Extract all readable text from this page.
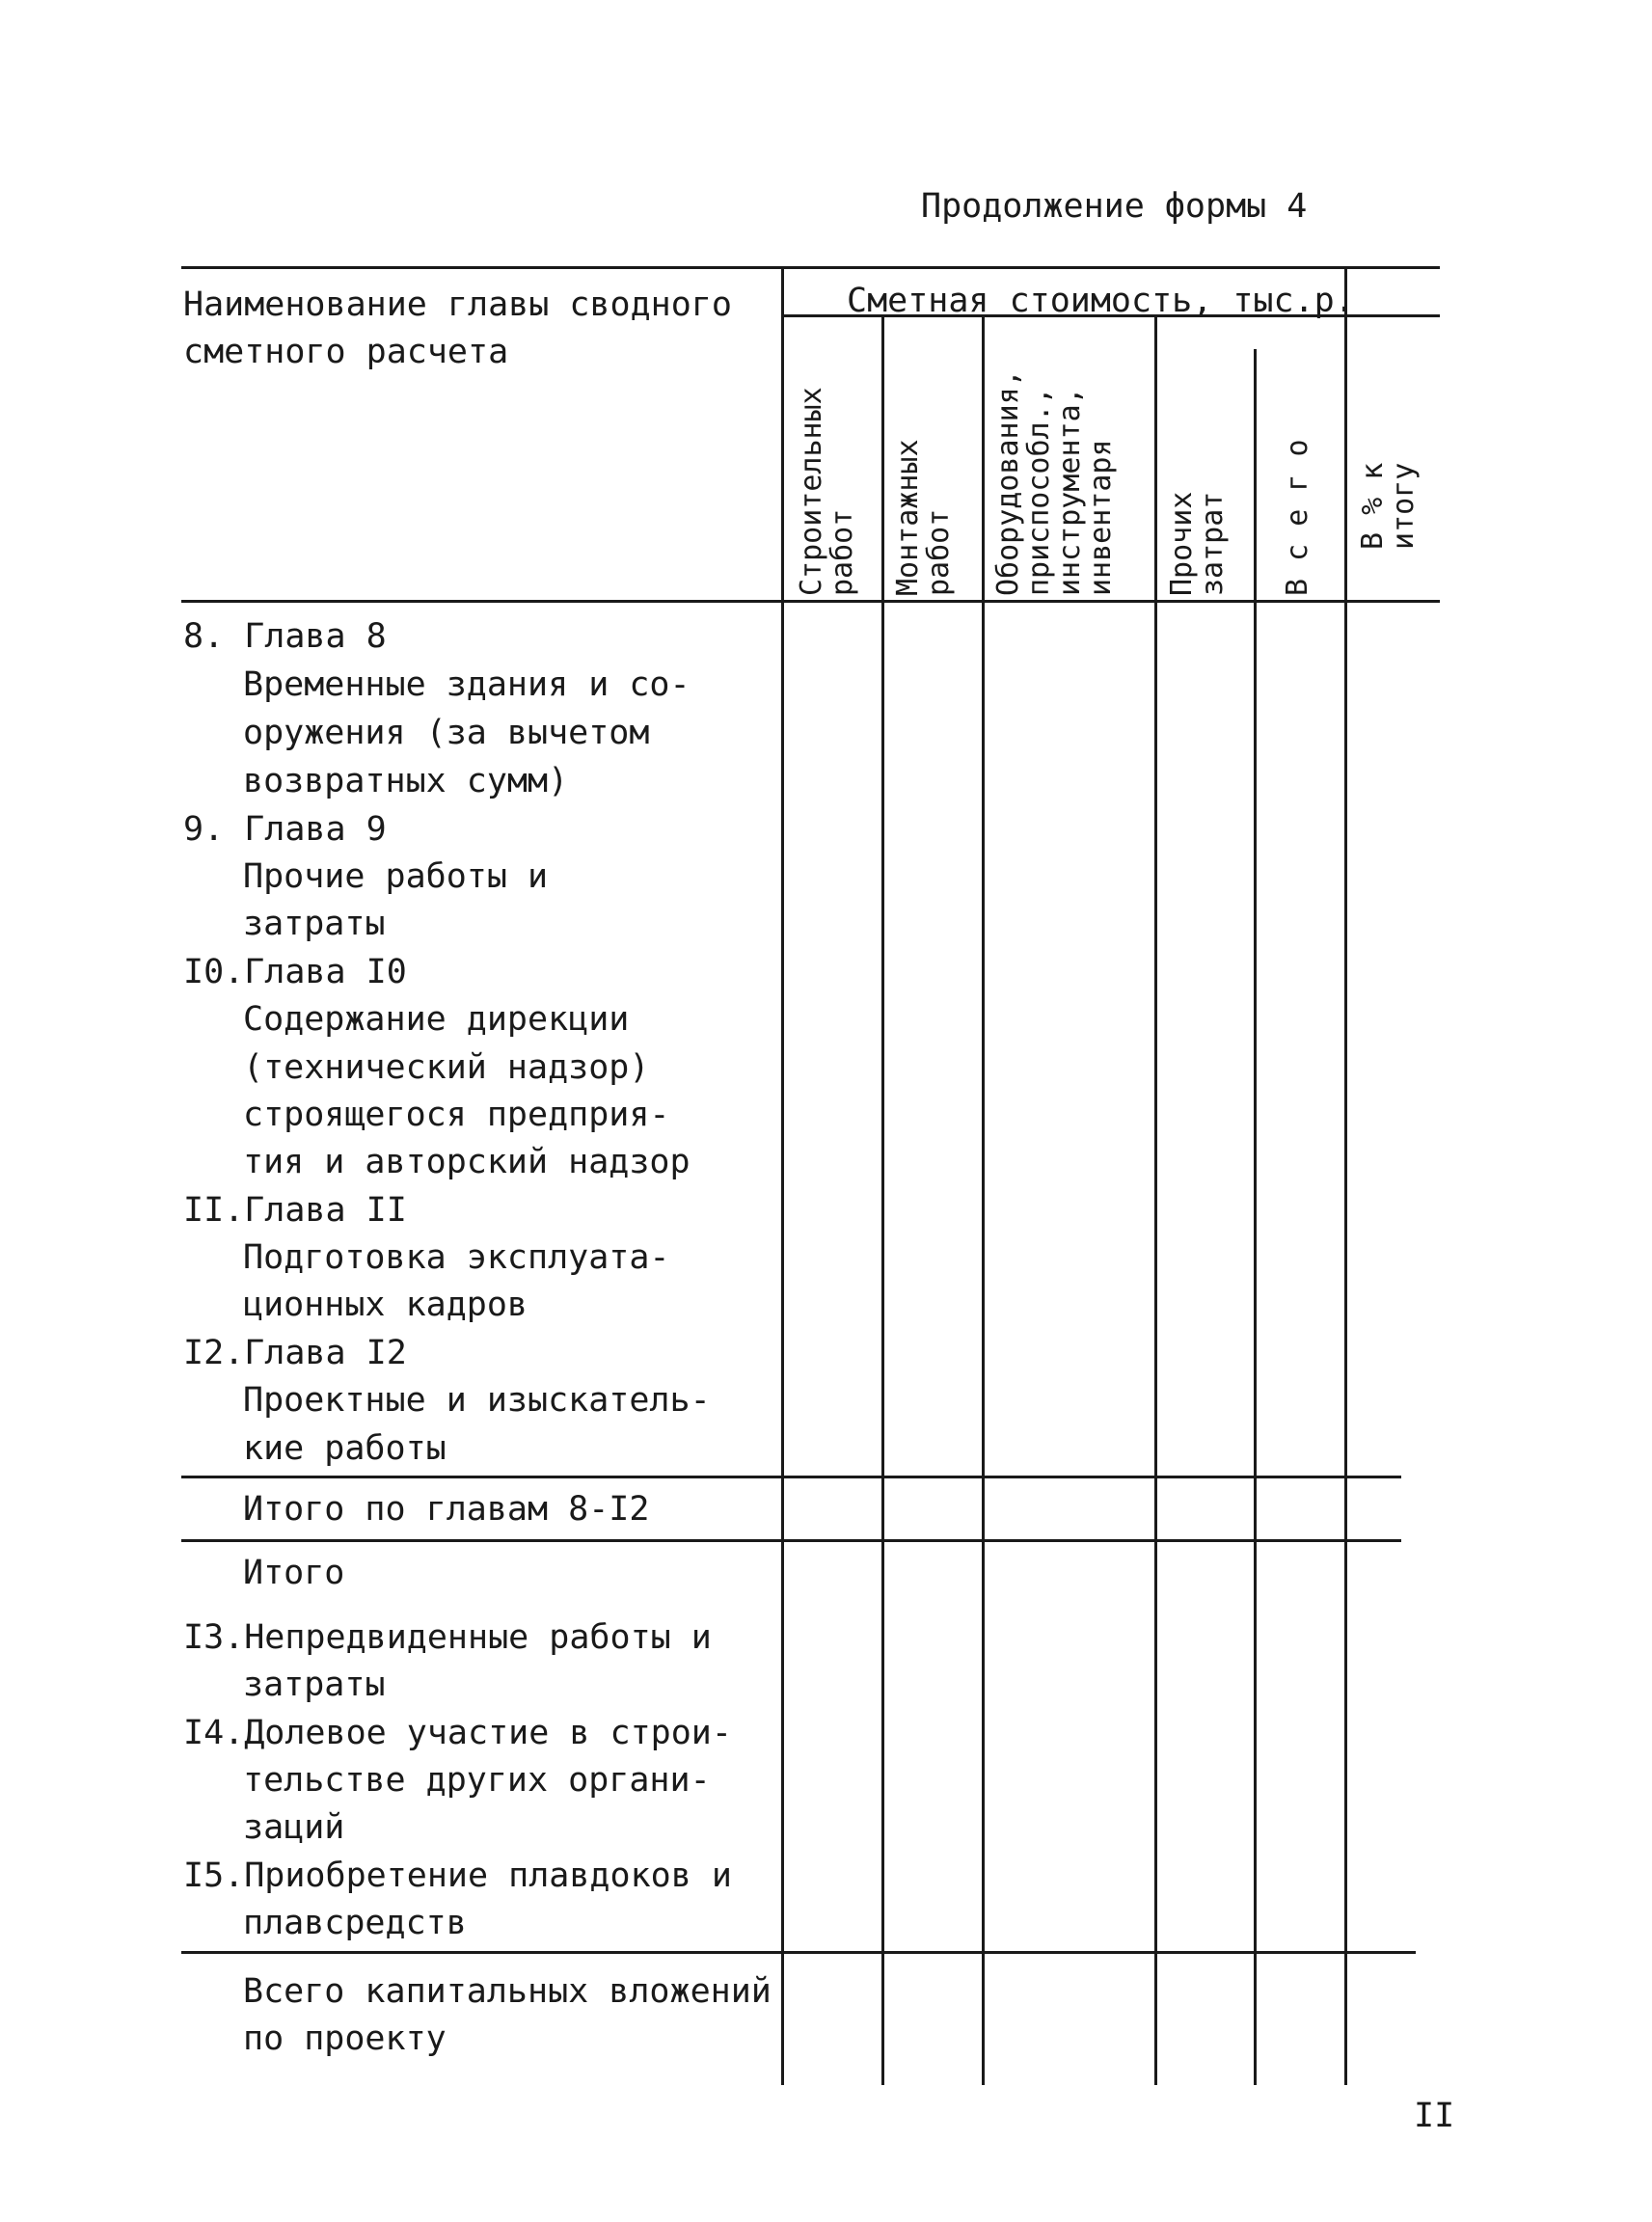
Продолжение формы 4
Наименование главы сводного
сметного расчета
Сметная стоимость, тыс.р.
Строительных
работ Монтажных
работ Оборудования,
приспособл.,
инструмента,
инвентаря Прочих
затрат В с е г о В % к
итогу
8. Глава 8
Временные здания и со-
оружения (за вычетом
возвратных сумм)
9. Глава 9
Прочие работы и
затраты
I0.Глава I0
Содержание дирекции
(технический надзор)
строящегося предприя-
тия и авторский надзор
II.Глава II
Подготовка эксплуата-
ционных кадров
I2.Глава I2
Проектные и изыскатель-
кие работы
Итого по главам 8-I2
Итого
I3.Непредвиденные работы и
затраты
I4.Долевое участие в строи-
тельстве других органи-
заций
I5.Приобретение плавдоков и
плавсредств
Всего капитальных вложений
по проекту
II
